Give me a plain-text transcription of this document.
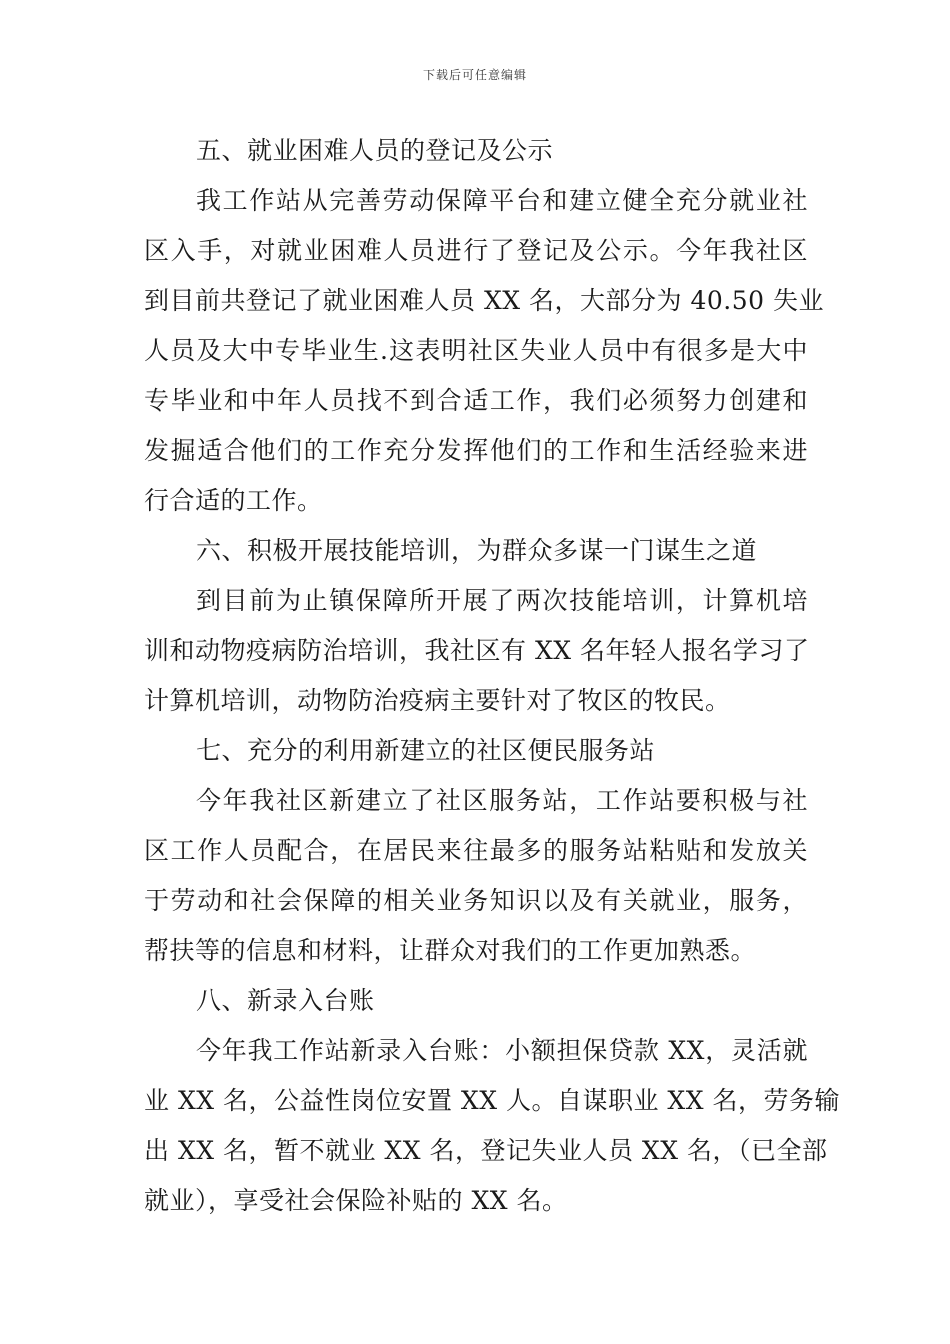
下载后可任意编辑

五、就业困难人员的登记及公示

我工作站从完善劳动保障平台和建立健全充分就业社

区入手，对就业困难人员进行了登记及公示。今年我社区

到目前共登记了就业困难人员 XX 名，大部分为 40.50 失业

人员及大中专毕业生.这表明社区失业人员中有很多是大中

专毕业和中年人员找不到合适工作，我们必须努力创建和

发掘适合他们的工作充分发挥他们的工作和生活经验来进

行合适的工作。

六、积极开展技能培训，为群众多谋一门谋生之道

到目前为止镇保障所开展了两次技能培训，计算机培

训和动物疫病防治培训，我社区有 XX 名年轻人报名学习了

计算机培训，动物防治疫病主要针对了牧区的牧民。

七、充分的利用新建立的社区便民服务站

今年我社区新建立了社区服务站，工作站要积极与社

区工作人员配合，在居民来往最多的服务站粘贴和发放关

于劳动和社会保障的相关业务知识以及有关就业，服务，

帮扶等的信息和材料，让群众对我们的工作更加熟悉。

八、新录入台账

今年我工作站新录入台账：小额担保贷款 XX，灵活就

业 XX 名，公益性岗位安置 XX 人。自谋职业 XX 名，劳务输

出 XX 名，暂不就业 XX 名，登记失业人员 XX 名，（已全部

就业），享受社会保险补贴的 XX 名。
